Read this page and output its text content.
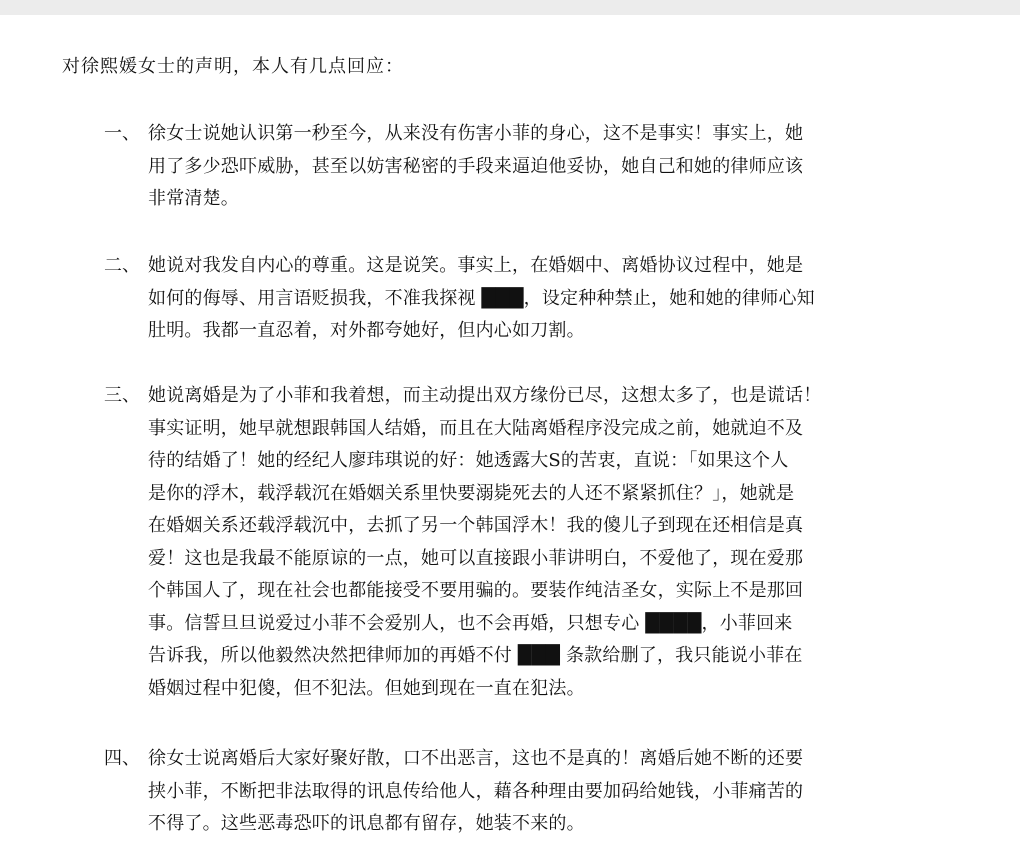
对徐熙媛女士的声明，本人有几点回应：
一、 徐女士说她认识第一秒至今，从来没有伤害小菲的身心，这不是事实！事实上，她
用了多少恐吓威胁，甚至以妨害秘密的手段来逼迫他妥协，她自己和她的律师应该
非常清楚。
二、 她说对我发自内心的尊重。这是说笑。事实上，在婚姻中、离婚协议过程中，她是
如何的侮辱、用言语贬损我，不准我探视 ███，设定种种禁止，她和她的律师心知
肚明。我都一直忍着，对外都夸她好，但内心如刀割。
三、 她说离婚是为了小菲和我着想，而主动提出双方缘份已尽，这想太多了，也是谎话！
事实证明，她早就想跟韩国人结婚，而且在大陆离婚程序没完成之前，她就迫不及
待的结婚了！她的经纪人廖玮琪说的好：她透露大S的苦衷，直说：「如果这个人
是你的浮木，载浮载沉在婚姻关系里快要溺毙死去的人还不紧紧抓住？」，她就是
在婚姻关系还载浮载沉中，去抓了另一个韩国浮木！我的傻儿子到现在还相信是真
爱！这也是我最不能原谅的一点，她可以直接跟小菲讲明白，不爱他了，现在爱那
个韩国人了，现在社会也都能接受不要用骗的。要装作纯洁圣女，实际上不是那回
事。信誓旦旦说爱过小菲不会爱别人，也不会再婚，只想专心 ████，小菲回来
告诉我，所以他毅然决然把律师加的再婚不付 ███ 条款给删了，我只能说小菲在
婚姻过程中犯傻，但不犯法。但她到现在一直在犯法。
四、 徐女士说离婚后大家好聚好散，口不出恶言，这也不是真的！离婚后她不断的还要
挟小菲，不断把非法取得的讯息传给他人，藉各种理由要加码给她钱，小菲痛苦的
不得了。这些恶毒恐吓的讯息都有留存，她装不来的。
